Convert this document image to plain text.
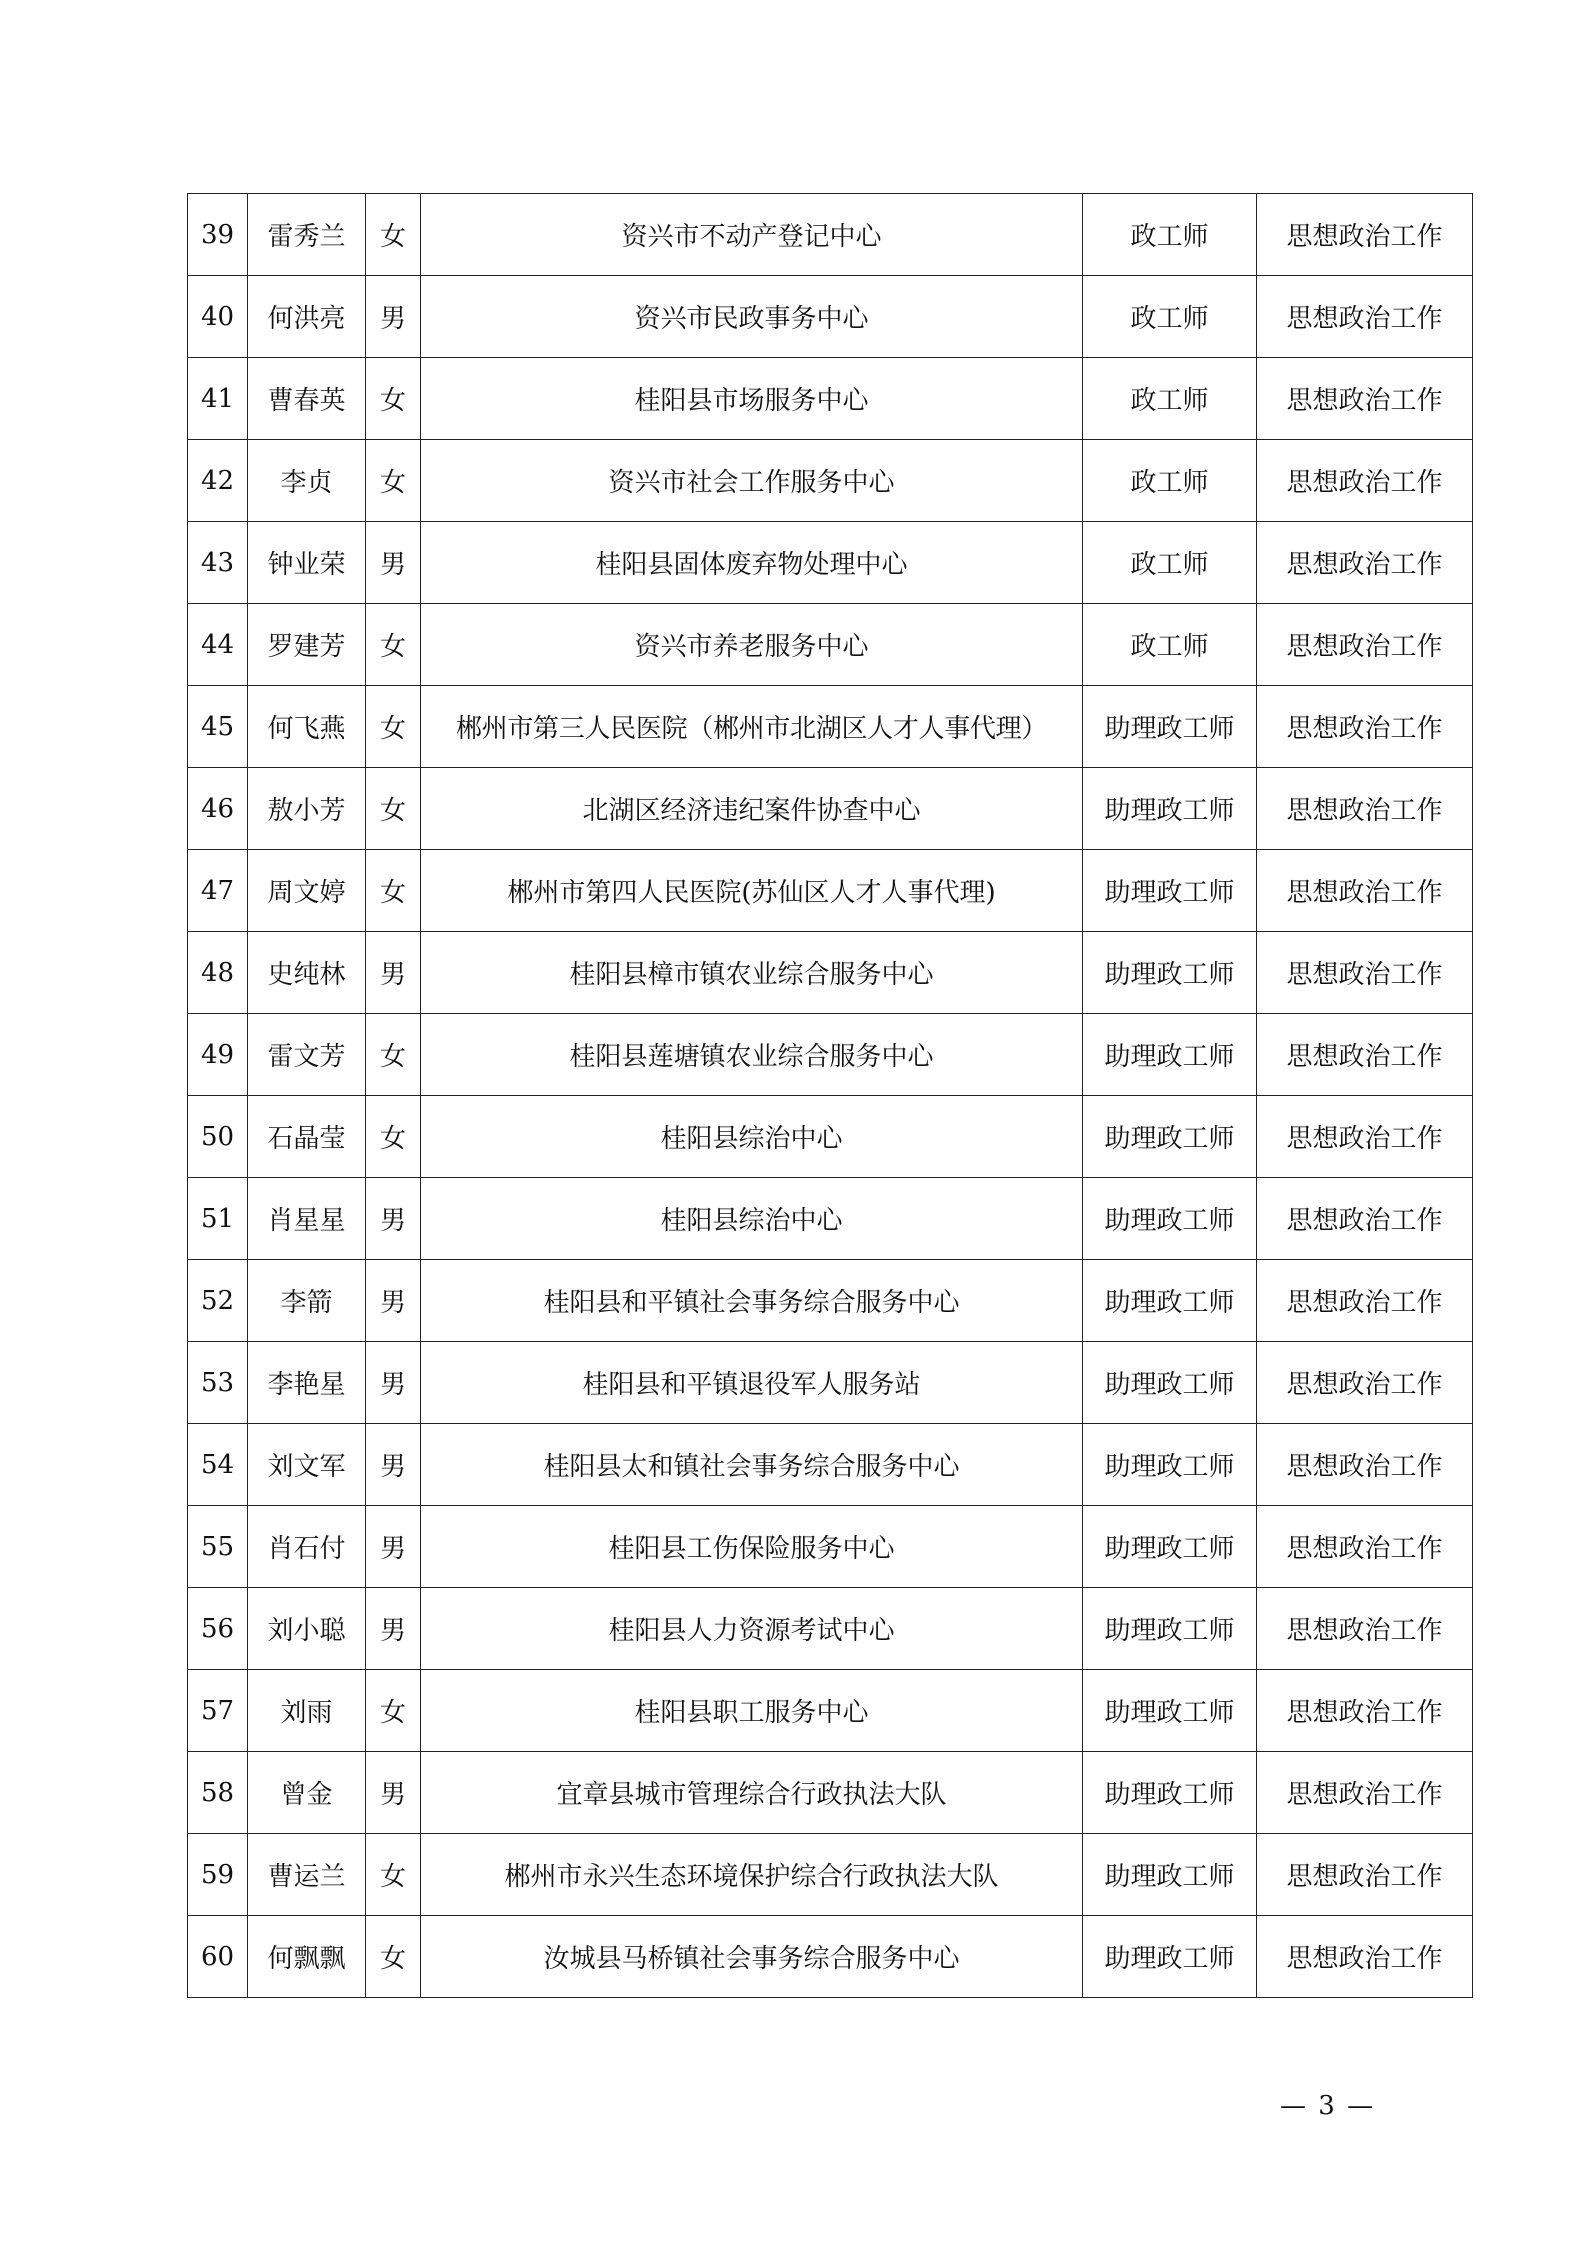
39	雷秀兰	女	资兴市不动产登记中心	政工师	思想政治工作
40	何洪亮	男	资兴市民政事务中心	政工师	思想政治工作
41	曹春英	女	桂阳县市场服务中心	政工师	思想政治工作
42	李贞	女	资兴市社会工作服务中心	政工师	思想政治工作
43	钟业荣	男	桂阳县固体废弃物处理中心	政工师	思想政治工作
44	罗建芳	女	资兴市养老服务中心	政工师	思想政治工作
45	何飞燕	女	郴州市第三人民医院（郴州市北湖区人才人事代理）	助理政工师	思想政治工作
46	敖小芳	女	北湖区经济违纪案件协查中心	助理政工师	思想政治工作
47	周文婷	女	郴州市第四人民医院(苏仙区人才人事代理)	助理政工师	思想政治工作
48	史纯林	男	桂阳县樟市镇农业综合服务中心	助理政工师	思想政治工作
49	雷文芳	女	桂阳县莲塘镇农业综合服务中心	助理政工师	思想政治工作
50	石晶莹	女	桂阳县综治中心	助理政工师	思想政治工作
51	肖星星	男	桂阳县综治中心	助理政工师	思想政治工作
52	李箭	男	桂阳县和平镇社会事务综合服务中心	助理政工师	思想政治工作
53	李艳星	男	桂阳县和平镇退役军人服务站	助理政工师	思想政治工作
54	刘文军	男	桂阳县太和镇社会事务综合服务中心	助理政工师	思想政治工作
55	肖石付	男	桂阳县工伤保险服务中心	助理政工师	思想政治工作
56	刘小聪	男	桂阳县人力资源考试中心	助理政工师	思想政治工作
57	刘雨	女	桂阳县职工服务中心	助理政工师	思想政治工作
58	曾金	男	宜章县城市管理综合行政执法大队	助理政工师	思想政治工作
59	曹运兰	女	郴州市永兴生态环境保护综合行政执法大队	助理政工师	思想政治工作
60	何飘飘	女	汝城县马桥镇社会事务综合服务中心	助理政工师	思想政治工作
— 3 —
